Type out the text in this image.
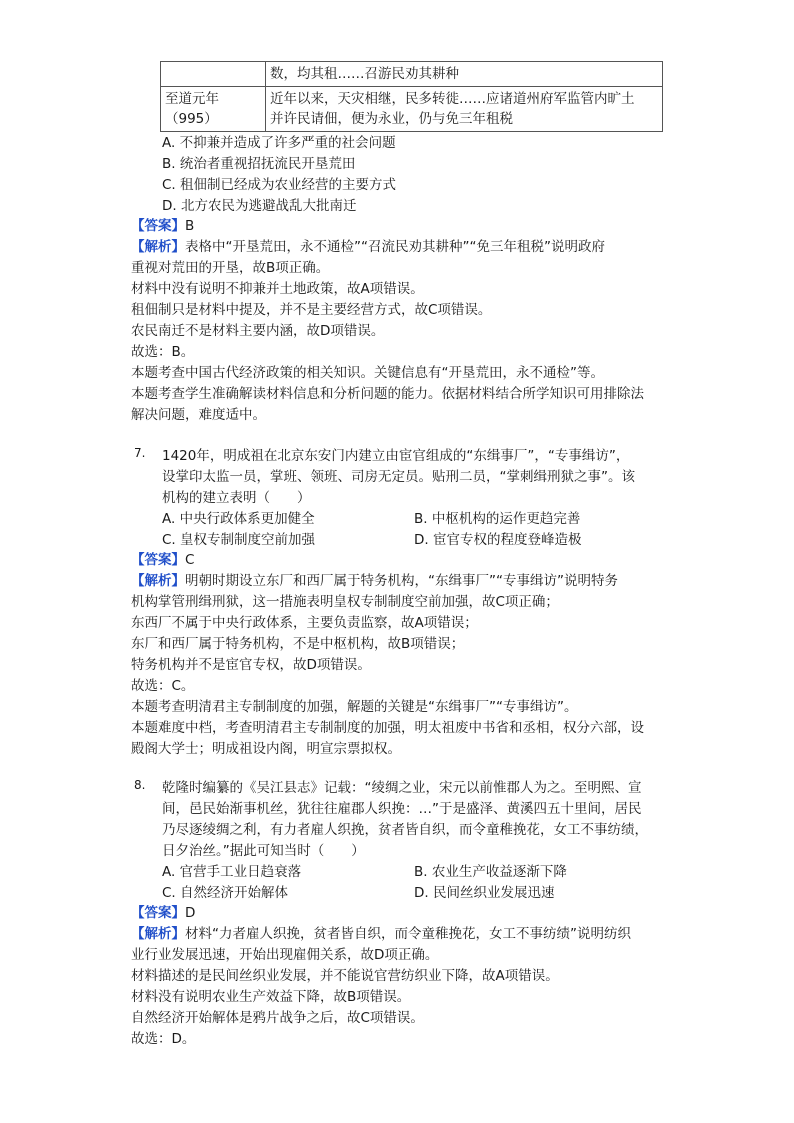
	数，均其租……召游民劝其耕种
至道元年（995）	近年以来，天灾相继，民多转徙……应诸道州府军监管内旷土
并许民请佃，便为永业，仍与免三年租税
A. 不抑兼并造成了许多严重的社会问题
B. 统治者重视招抚流民开垦荒田
C. 租佃制已经成为农业经营的主要方式
D. 北方农民为逃避战乱大批南迁
【答案】B
【解析】表格中“开垦荒田，永不通检”“召流民劝其耕种”“免三年租税”说明政府
重视对荒田的开垦，故B项正确。
材料中没有说明不抑兼并土地政策，故A项错误。
租佃制只是材料中提及，并不是主要经营方式，故C项错误。
农民南迁不是材料主要内涵，故D项错误。
故选：B。
本题考查中国古代经济政策的相关知识。关键信息有“开垦荒田，永不通检”等。
本题考查学生准确解读材料信息和分析问题的能力。依据材料结合所学知识可用排除法
解决问题，难度适中。
7. 1420年，明成祖在北京东安门内建立由宦官组成的“东缉事厂”，“专事缉访”，
设掌印太监一员，掌班、领班、司房无定员。贴刑二员，“掌刺缉刑狱之事”。该
机构的建立表明（　　）
A. 中央行政体系更加健全	B. 中枢机构的运作更趋完善
C. 皇权专制制度空前加强	D. 宦官专权的程度登峰造极
【答案】C
【解析】明朝时期设立东厂和西厂属于特务机构，“东缉事厂”“专事缉访”说明特务
机构掌管刑缉刑狱，这一措施表明皇权专制制度空前加强，故C项正确；
东西厂不属于中央行政体系，主要负责监察，故A项错误；
东厂和西厂属于特务机构，不是中枢机构，故B项错误；
特务机构并不是宦官专权，故D项错误。
故选：C。
本题考查明清君主专制制度的加强，解题的关键是“东缉事厂”“专事缉访”。
本题难度中档，考查明清君主专制制度的加强，明太祖废中书省和丞相，权分六部，设
殿阁大学士；明成祖设内阁，明宣宗票拟权。
8. 乾隆时编纂的《吴江县志》记载：“绫绸之业，宋元以前惟郡人为之。至明熙、宣
间，邑民始渐事机丝，犹往往雇郡人织挽：…”于是盛泽、黄溪四五十里间，居民
乃尽逐绫绸之利，有力者雇人织挽，贫者皆自织，而令童稚挽花，女工不事纺绩，
日夕治丝。”据此可知当时（　　）
A. 官营手工业日趋衰落	B. 农业生产收益逐渐下降
C. 自然经济开始解体	D. 民间丝织业发展迅速
【答案】D
【解析】材料“力者雇人织挽，贫者皆自织，而令童稚挽花，女工不事纺绩”说明纺织
业行业发展迅速，开始出现雇佣关系，故D项正确。
材料描述的是民间丝织业发展，并不能说官营纺织业下降，故A项错误。
材料没有说明农业生产效益下降，故B项错误。
自然经济开始解体是鸦片战争之后，故C项错误。
故选：D。
